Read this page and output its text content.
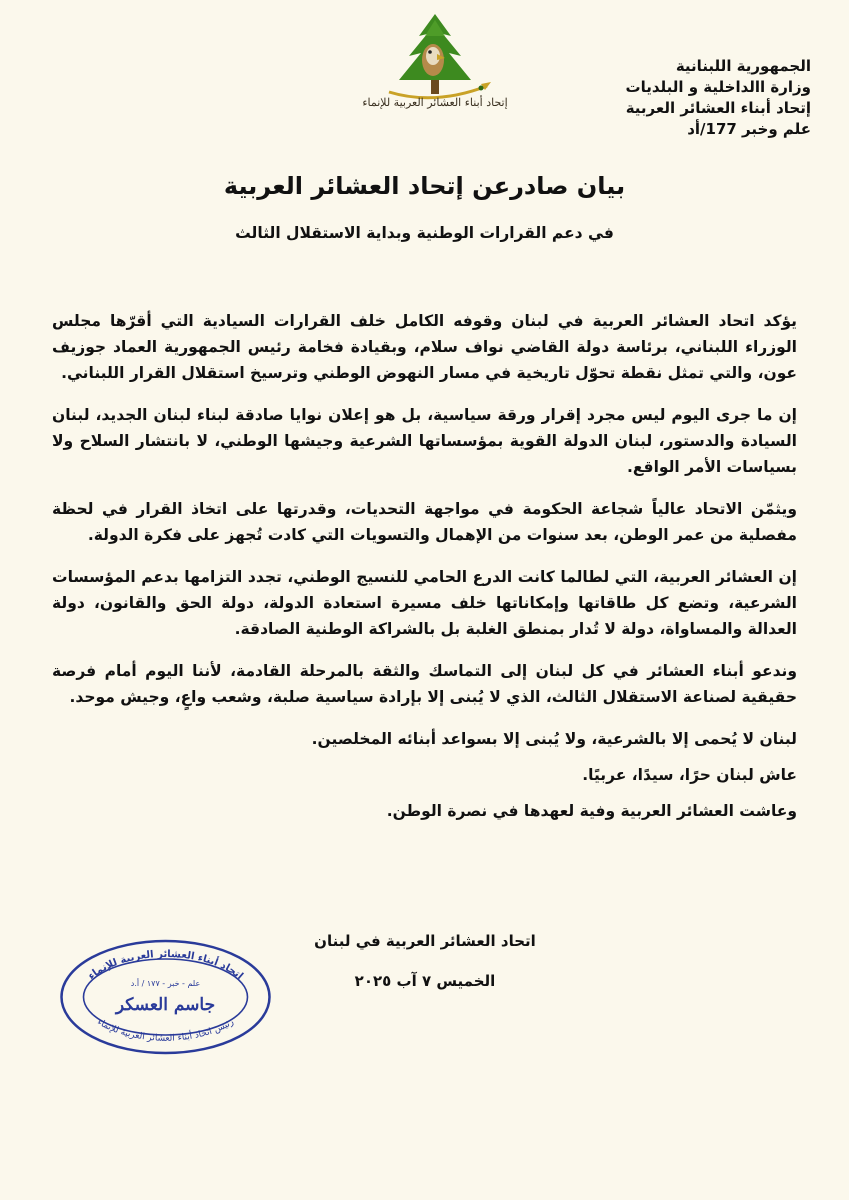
إتحاد أبناء العشائر العربية للإنماء
الجمهورية اللبنانية
وزارة االداخلية و البلديات
إتحاد أبناء العشائر العربية
علم وخبر 177/أد
بيان صادرعن إتحاد العشائر العربية
في دعم القرارات الوطنية وبداية الاستقلال الثالث

يؤكد اتحاد العشائر العربية في لبنان وقوفه الكامل خلف القرارات السيادية التي أقرّها مجلس الوزراء اللبناني، برئاسة دولة القاضي نواف سلام، وبقيادة فخامة رئيس الجمهورية العماد جوزيف عون، والتي تمثل نقطة تحوّل تاريخية في مسار النهوض الوطني وترسيخ استقلال القرار اللبناني.

إن ما جرى اليوم ليس مجرد إقرار ورقة سياسية، بل هو إعلان نوايا صادقة لبناء لبنان الجديد، لبنان السيادة والدستور، لبنان الدولة القوية بمؤسساتها الشرعية وجيشها الوطني، لا بانتشار السلاح ولا بسياسات الأمر الواقع.

ويثمّن الاتحاد عالياً شجاعة الحكومة في مواجهة التحديات، وقدرتها على اتخاذ القرار في لحظة مفصلية من عمر الوطن، بعد سنوات من الإهمال والتسويات التي كادت تُجهز على فكرة الدولة.

إن العشائر العربية، التي لطالما كانت الدرع الحامي للنسيج الوطني، تجدد التزامها بدعم المؤسسات الشرعية، وتضع كل طاقاتها وإمكاناتها خلف مسيرة استعادة الدولة، دولة الحق والقانون، دولة العدالة والمساواة، دولة لا تُدار بمنطق الغلبة بل بالشراكة الوطنية الصادقة.

وندعو أبناء العشائر في كل لبنان إلى التماسك والثقة بالمرحلة القادمة، لأننا اليوم أمام فرصة حقيقية لصناعة الاستقلال الثالث، الذي لا يُبنى إلا بإرادة سياسية صلبة، وشعب واعٍ، وجيش موحد.

لبنان لا يُحمى إلا بالشرعية، ولا يُبنى إلا بسواعد أبنائه المخلصين.

عاش لبنان حرًا، سيدًا، عربيًا.

وعاشت العشائر العربية وفية لعهدها في نصرة الوطن.

اتحاد العشائر العربية في لبنان
الخميس ٧ آب ٢٠٢٥
اتحاد أبناء العشائر العربية للإنماء
رئيس اتحاد أبناء العشائر العربية للإنماء
علم - خبر - ١٧٧ / أ.د
جاسم العسكر
